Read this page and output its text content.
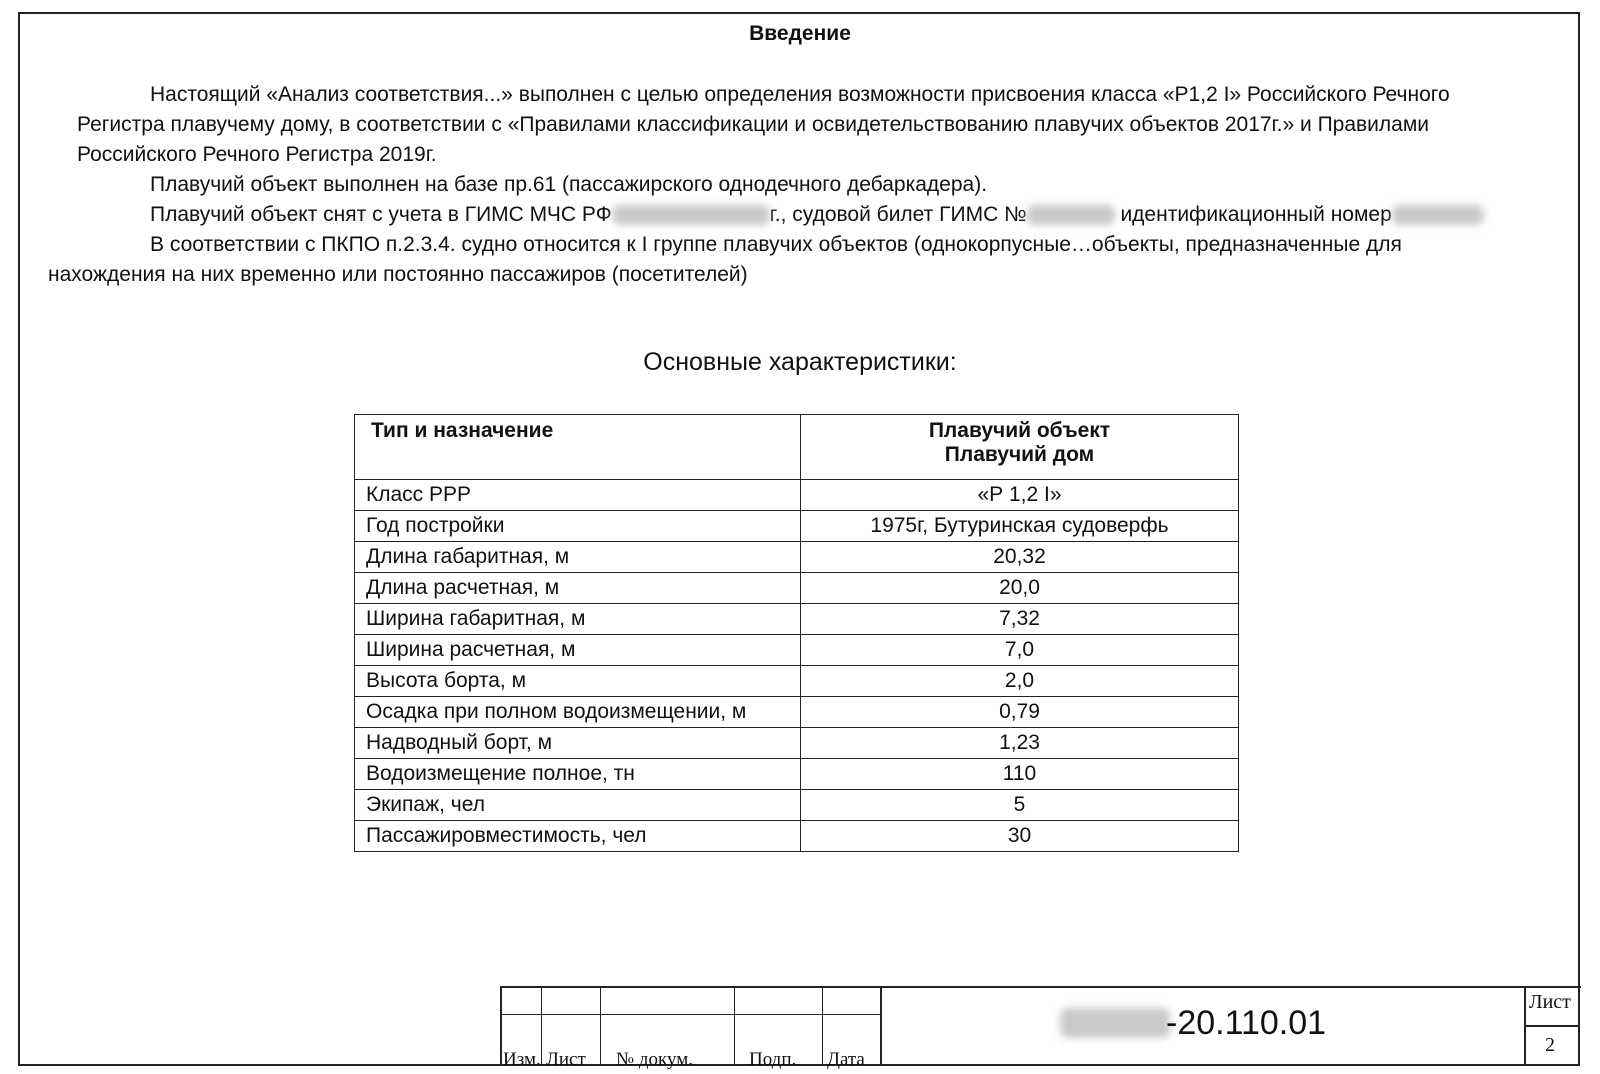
Введение
Настоящий «Анализ соответствия...» выполнен с целью определения возможности присвоения класса «Р1,2 I» Российского Речного
Регистра плавучему дому, в соответствии с «Правилами классификации и освидетельствованию плавучих объектов 2017г.» и Правилами
Российского Речного Регистра 2019г.
Плавучий объект выполнен на базе пр.61 (пассажирского однодечного дебаркадера).
Плавучий объект снят с учета в ГИМС МЧС РФ	г., судовой билет ГИМС №	идентификационный номер
В соответствии с ПКПО п.2.3.4. судно относится к I группе плавучих объектов (однокорпусные…объекты, предназначенные для
нахождения на них временно или постоянно пассажиров (посетителей)
Основные характеристики:
Тип и назначение	Плавучий объект
Плавучий дом

Класс РРР	«Р 1,2 I»
Год постройки	1975г, Бутуринская судоверфь
Длина габаритная, м	20,32
Длина расчетная, м	20,0
Ширина габаритная, м	7,32
Ширина расчетная, м	7,0
Высота борта, м	2,0
Осадка при полном водоизмещении, м	0,79
Надводный борт, м	1,23
Водоизмещение полное, тн	110
Экипаж, чел	5
Пассажировместимость, чел	30
Изм. Лист № докум.	Подп. Дата
-20.110.01
Лист
2
